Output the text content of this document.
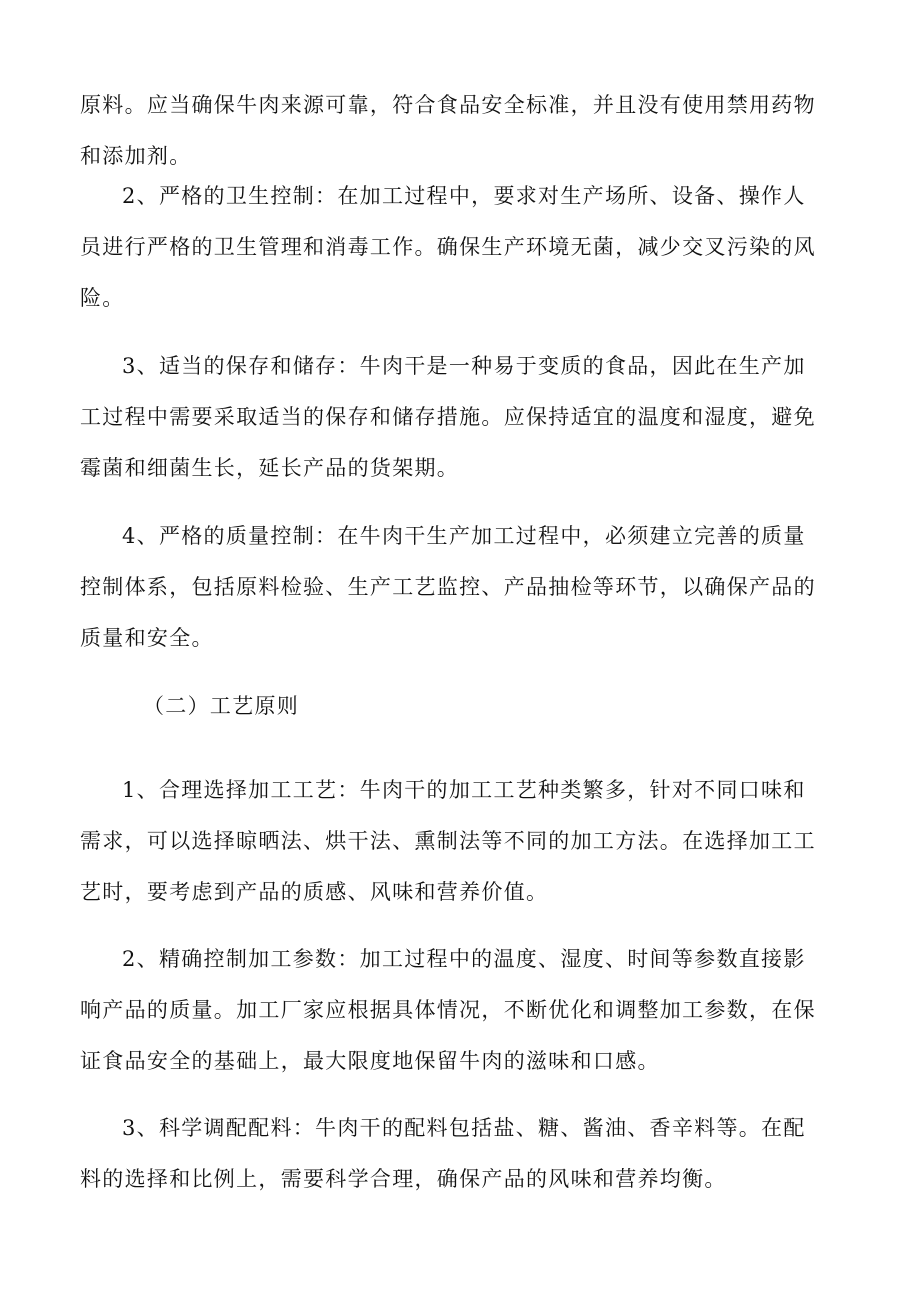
原料。应当确保牛肉来源可靠，符合食品安全标准，并且没有使用禁用药物
和添加剂。
2、严格的卫生控制：在加工过程中，要求对生产场所、设备、操作人
员进行严格的卫生管理和消毒工作。确保生产环境无菌，减少交叉污染的风
险。
3、适当的保存和储存：牛肉干是一种易于变质的食品，因此在生产加
工过程中需要采取适当的保存和储存措施。应保持适宜的温度和湿度，避免
霉菌和细菌生长，延长产品的货架期。
4、严格的质量控制：在牛肉干生产加工过程中，必须建立完善的质量
控制体系，包括原料检验、生产工艺监控、产品抽检等环节，以确保产品的
质量和安全。
（二）工艺原则
1、合理选择加工工艺：牛肉干的加工工艺种类繁多，针对不同口味和
需求，可以选择晾晒法、烘干法、熏制法等不同的加工方法。在选择加工工
艺时，要考虑到产品的质感、风味和营养价值。
2、精确控制加工参数：加工过程中的温度、湿度、时间等参数直接影
响产品的质量。加工厂家应根据具体情况，不断优化和调整加工参数，在保
证食品安全的基础上，最大限度地保留牛肉的滋味和口感。
3、科学调配配料：牛肉干的配料包括盐、糖、酱油、香辛料等。在配
料的选择和比例上，需要科学合理，确保产品的风味和营养均衡。
